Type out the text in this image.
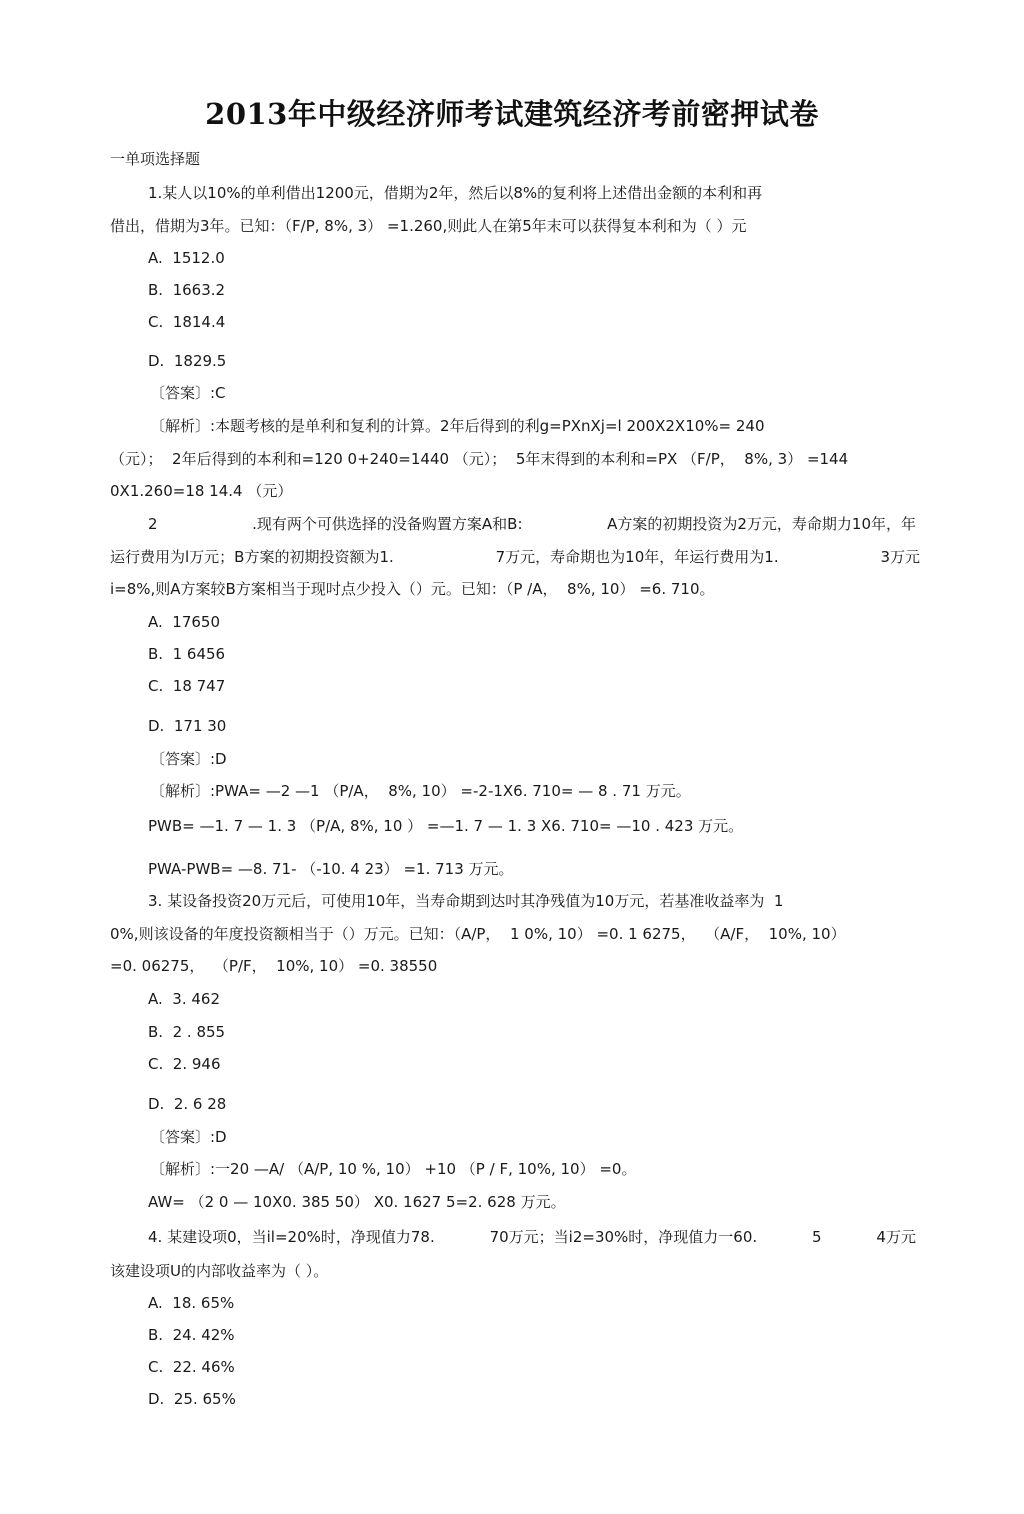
2013年中级经济师考试建筑经济考前密押试卷
一单项选择题
1.某人以10%的单利借出1200元，借期为2年，然后以8%的复利将上述借出金额的本利和再
借出，借期为3年。已知：（F/P, 8%, 3） =1.260,则此人在第5年末可以获得复本利和为（ ）元
A.  1512.0
B.  1663.2
C.  1814.4
D.  1829.5
〔答案〕:C
〔解析〕:本题考核的是单利和复利的计算。2年后得到的利g=PXnXj=l 200X2X10%= 240
（元）；  2年后得到的本利和=120 0+240=1440 （元）；  5年末得到的本利和=PX （F/P，  8%, 3） =144
0X1.260=18 14.4 （元）
2	.现有两个可供选择的没备购置方案A和B:	A方案的初期投资为2万元，寿命期力10年，年
运行费用为l万元；B方案的初期投资额为1.	7万元，寿命期也为10年，年运行费用为1.	3万元
i=8%,则A方案较B方案相当于现吋点少投入（）元。已知：（P /A，  8%, 10） =6. 710。
A.  17650
B.  1 6456
C.  18 747
D.  171 30
〔答案〕:D
〔解析〕:PWA= —2 —1 （P/A，  8%, 10） =-2-1X6. 710= — 8 . 71 万元。
PWB= —1. 7 — 1. 3 （P/A, 8%, 10 ） =—1. 7 — 1. 3 X6. 710= —10 . 423 万元。
PWA-PWB= —8. 71- （-10. 4 23） =1. 713 万元。
3. 某设备投资20万元后，可使用10年，当寿命期到达吋其净残值为10万元，若基准收益率为  1
0%,则该设备的年度投资额相当于（）万元。已知：（A/P，  1 0%, 10） =0. 1 6275，  （A/F，  10%, 10）
=0. 06275，  （P/F，  10%, 10） =0. 38550
A.  3. 462
B.  2 . 855
C.  2. 946
D.  2. 6 28
〔答案〕:D
〔解析〕:一20 —A/ （A/P, 10 %, 10） +10 （P / F, 10%, 10） =0。
AW= （2 0 — 10X0. 385 50） X0. 1627 5=2. 628 万元。
4. 某建设项0，当il=20%时，净现值力78.	70万元；当i2=30%时，净现值力一60.	5	4万元
该建设项U的内部收益率为（ ）。
A.  18. 65%
B.  24. 42%
C.  22. 46%
D.  25. 65%
